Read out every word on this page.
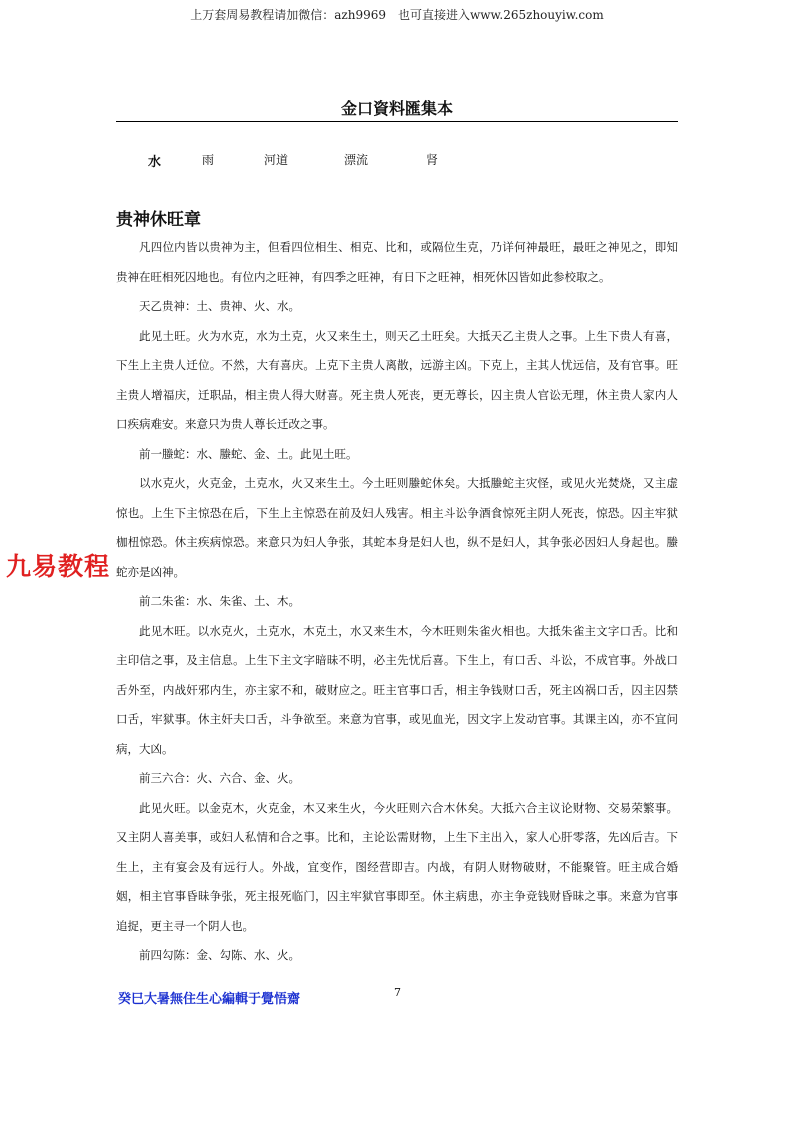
上万套周易教程请加微信：azh9969　也可直接进入www.265zhouyiw.com
金口資料匯集本
水	雨	河道	漂流	肾
贵神休旺章

凡四位内皆以贵神为主，但看四位相生、相克、比和，或隔位生克，乃详何神最旺，最旺之神见之，即知贵神在旺相死囚地也。有位内之旺神，有四季之旺神，有日下之旺神，相死休囚皆如此参校取之。

天乙贵神：土、贵神、火、水。

此见土旺。火为水克，水为土克，火又来生土，则天乙土旺矣。大抵天乙主贵人之事。上生下贵人有喜，下生上主贵人迁位。不然，大有喜庆。上克下主贵人离散，远游主凶。下克上，主其人忧远信，及有官事。旺主贵人增福庆，迁职品，相主贵人得大财喜。死主贵人死丧，更无尊长，囚主贵人官讼无理，休主贵人家内人口疾病难安。来意只为贵人尊长迁改之事。

前一螣蛇：水、螣蛇、金、土。此见土旺。

以水克火，火克金，土克水，火又来生土。今土旺则螣蛇休矣。大抵螣蛇主灾怪，或见火光焚烧，又主虚惊也。上生下主惊恐在后，下生上主惊恐在前及妇人残害。相主斗讼争酒食惊死主阴人死丧，惊恐。囚主牢狱枷杻惊恐。休主疾病惊恐。来意只为妇人争张，其蛇本身是妇人也，纵不是妇人，其争张必因妇人身起也。螣蛇亦是凶神。

前二朱雀：水、朱雀、土、木。

此见木旺。以水克火，土克水，木克土，水又来生木，今木旺则朱雀火相也。大抵朱雀主文字口舌。比和主印信之事，及主信息。上生下主文字暗昧不明，必主先忧后喜。下生上，有口舌、斗讼，不成官事。外战口舌外至，内战奸邪内生，亦主家不和，破财应之。旺主官事口舌，相主争钱财口舌，死主凶祸口舌，囚主囚禁口舌，牢狱事。休主奸夫口舌，斗争欲至。来意为官事，或见血光，因文字上发动官事。其课主凶，亦不宜问病，大凶。

前三六合：火、六合、金、火。

此见火旺。以金克木，火克金，木又来生火，今火旺则六合木休矣。大抵六合主议论财物、交易荣繁事。又主阴人喜美事，或妇人私情和合之事。比和，主论讼需财物，上生下主出入，家人心肝零落，先凶后吉。下生上，主有宴会及有远行人。外战，宜变作，图经营即吉。内战，有阴人财物破财，不能聚管。旺主成合婚姻，相主官事昏昧争张，死主报死临门，囚主牢狱官事即至。休主病患，亦主争竞钱财昏昧之事。来意为官事追捉，更主寻一个阴人也。

前四勾陈：金、勾陈、水、火。

九易教程
癸巳大暑無住生心編輯于覺悟齋	7
